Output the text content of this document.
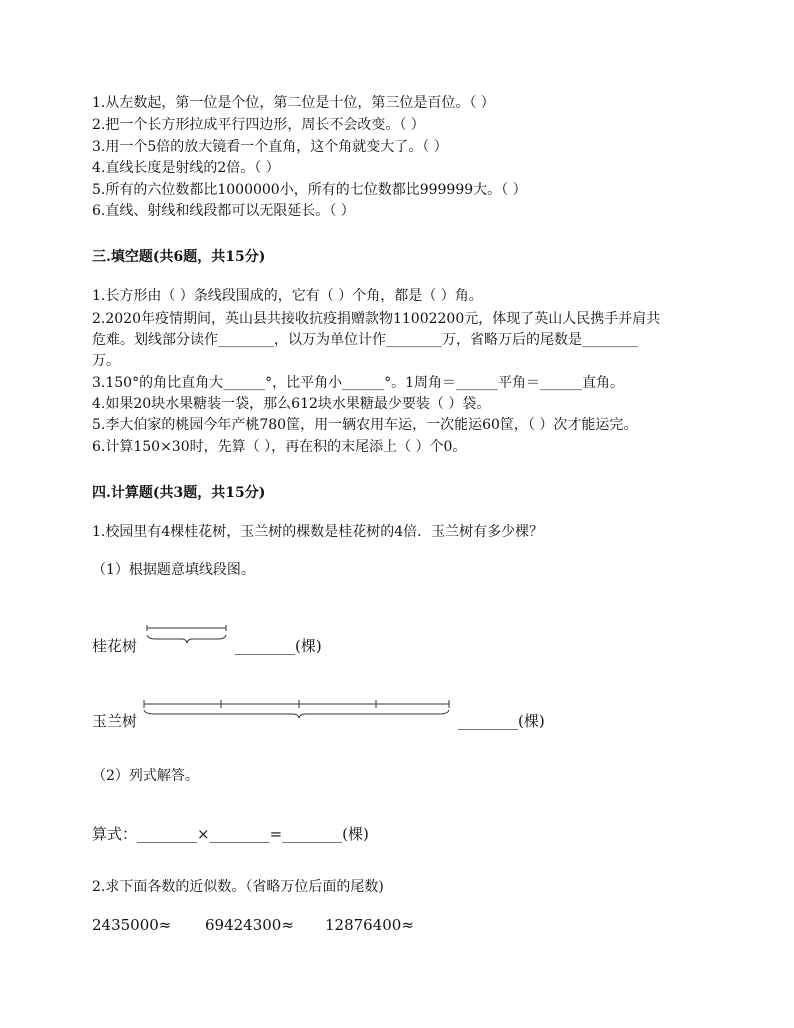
1.从左数起，第一位是个位，第二位是十位，第三位是百位。（ ）
2.把一个长方形拉成平行四边形，周长不会改变。（ ）
3.用一个5倍的放大镜看一个直角，这个角就变大了。（ ）
4.直线长度是射线的2倍。（ ）
5.所有的六位数都比1000000小，所有的七位数都比999999大。（ ）
6.直线、射线和线段都可以无限延长。（ ）
三.填空题(共6题，共15分)
1.长方形由（ ）条线段围成的，它有（ ）个角，都是（ ）角。
2.2020年疫情期间，英山县共接收抗疫捐赠款物11002200元，体现了英山人民携手并肩共
危难。划线部分读作________，以万为单位计作________万，省略万后的尾数是________
万。
3.150°的角比直角大______°，比平角小______°。1周角＝______平角＝______直角。
4.如果20块水果糖装一袋，那么612块水果糖最少要装（ ）袋。
5.李大伯家的桃园今年产桃780筐，用一辆农用车运，一次能运60筐，（ ）次才能运完。
6.计算150×30时，先算（ ），再在积的末尾添上（ ）个0。
四.计算题(共3题，共15分)
1.校园里有4棵桂花树，玉兰树的棵数是桂花树的4倍．玉兰树有多少棵？
（1）根据题意填线段图。
桂花树	________(棵)
玉兰树	________(棵)
（2）列式解答。
算式：________×________=________(棵)
2.求下面各数的近似数。（省略万位后面的尾数)
2435000≈ 69424300≈ 12876400≈
